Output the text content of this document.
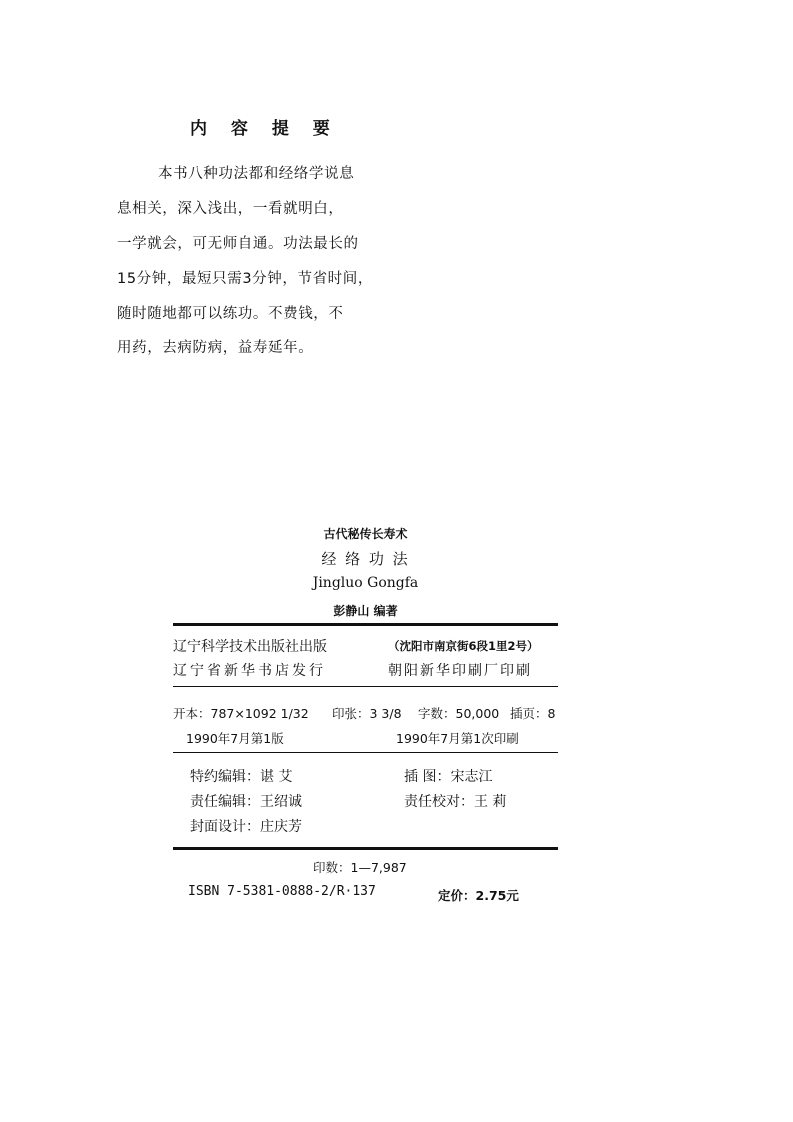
内 容 提 要
本书八种功法都和经络学说息
息相关，深入浅出，一看就明白，
一学就会，可无师自通。功法最长的
15分钟，最短只需3分钟，节省时间，
随时随地都可以练功。不费钱，不
用药，去病防病，益寿延年。
古代秘传长寿术
经 络 功 法
Jingluo Gongfa
彭静山 编著
辽宁科学技术出版社出版	（沈阳市南京街6段1里2号）
辽宁省新华书店发行	朝阳新华印刷厂印刷
开本：787×1092 1/32 印张：3 3/8 字数：50,000 插页：8
1990年7月第1版	1990年7月第1次印刷
特约编辑：谌 艾	插 图：宋志江
责任编辑：王绍诚	责任校对：王 莉
封面设计：庄庆芳
印数：1—7,987
ISBN 7-5381-0888-2/R·137	定价：2.75元
